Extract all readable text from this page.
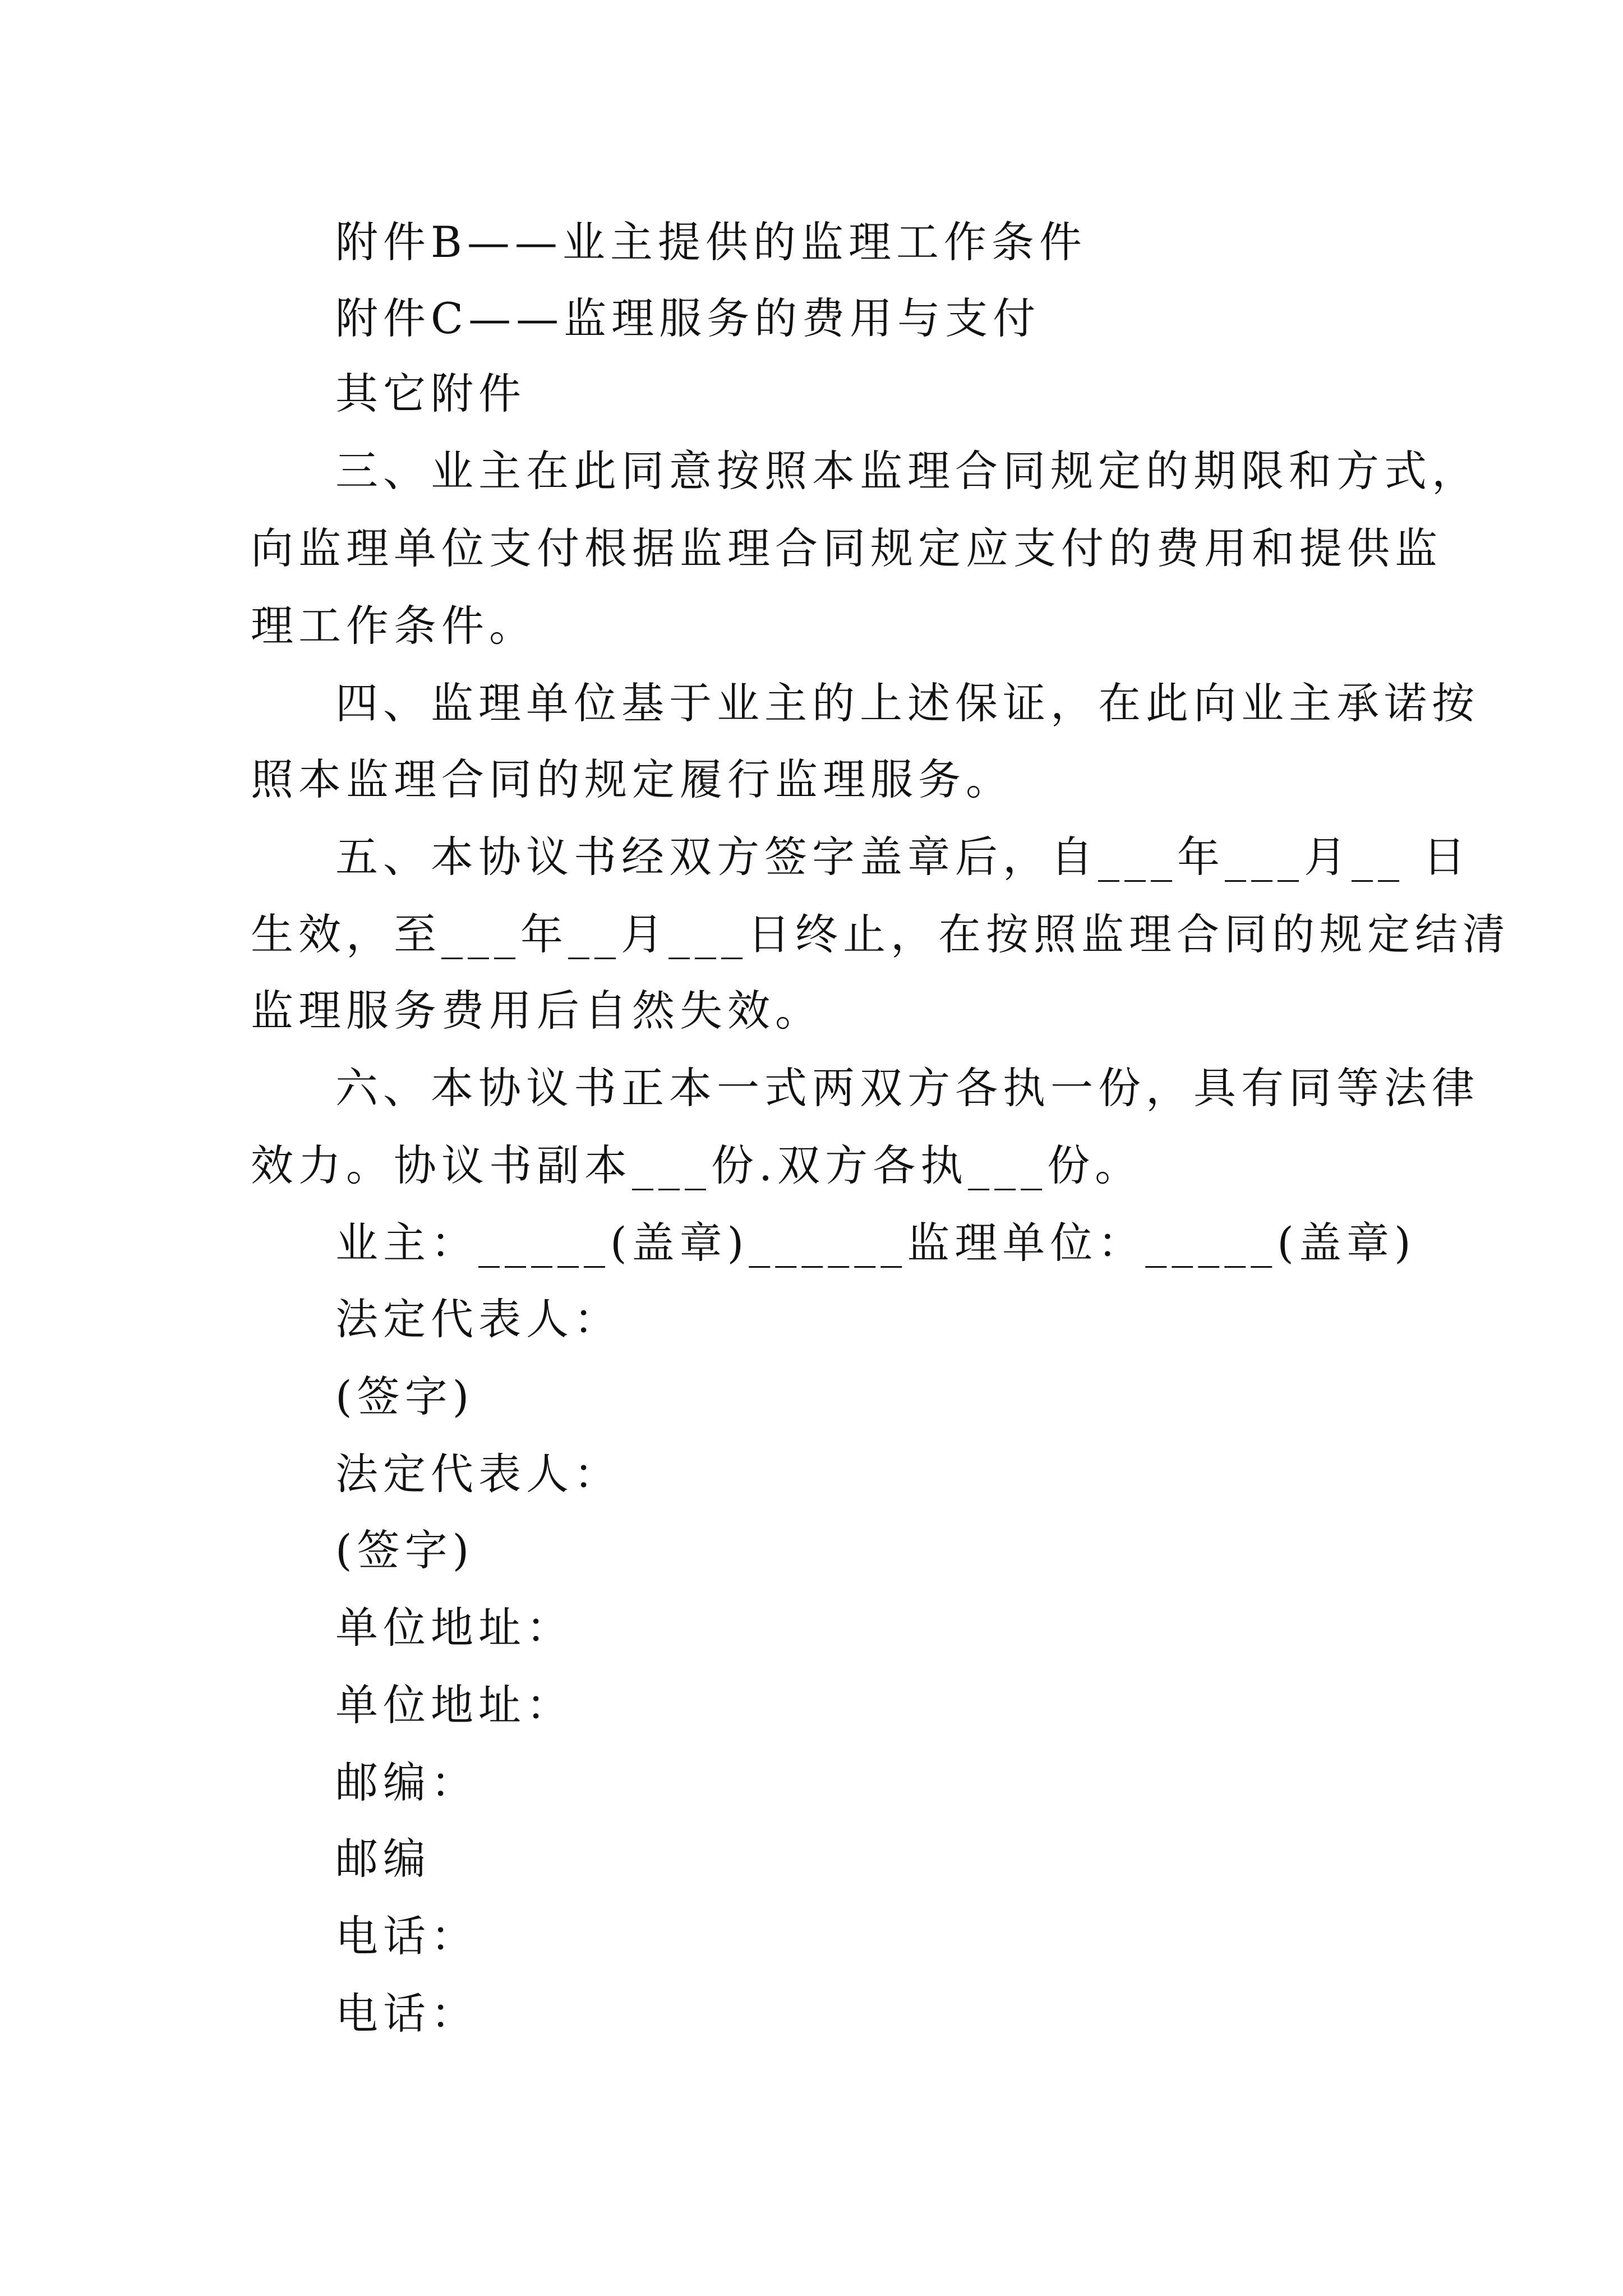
附件B——业主提供的监理工作条件
附件C——监理服务的费用与支付
其它附件
三、业主在此同意按照本监理合同规定的期限和方式，
向监理单位支付根据监理合同规定应支付的费用和提供监
理工作条件。
四、监理单位基于业主的上述保证，在此向业主承诺按
照本监理合同的规定履行监理服务。
五、本协议书经双方签字盖章后，自___年___月__ 日
生效，至___年__月___日终止，在按照监理合同的规定结清
监理服务费用后自然失效。
六、本协议书正本一式两双方各执一份，具有同等法律
效力。协议书副本___份.双方各执___份。
业主：_____(盖章)______监理单位：_____(盖章)
法定代表人：
(签字)
法定代表人：
(签字)
单位地址：
单位地址：
邮编：
邮编
电话：
电话：
